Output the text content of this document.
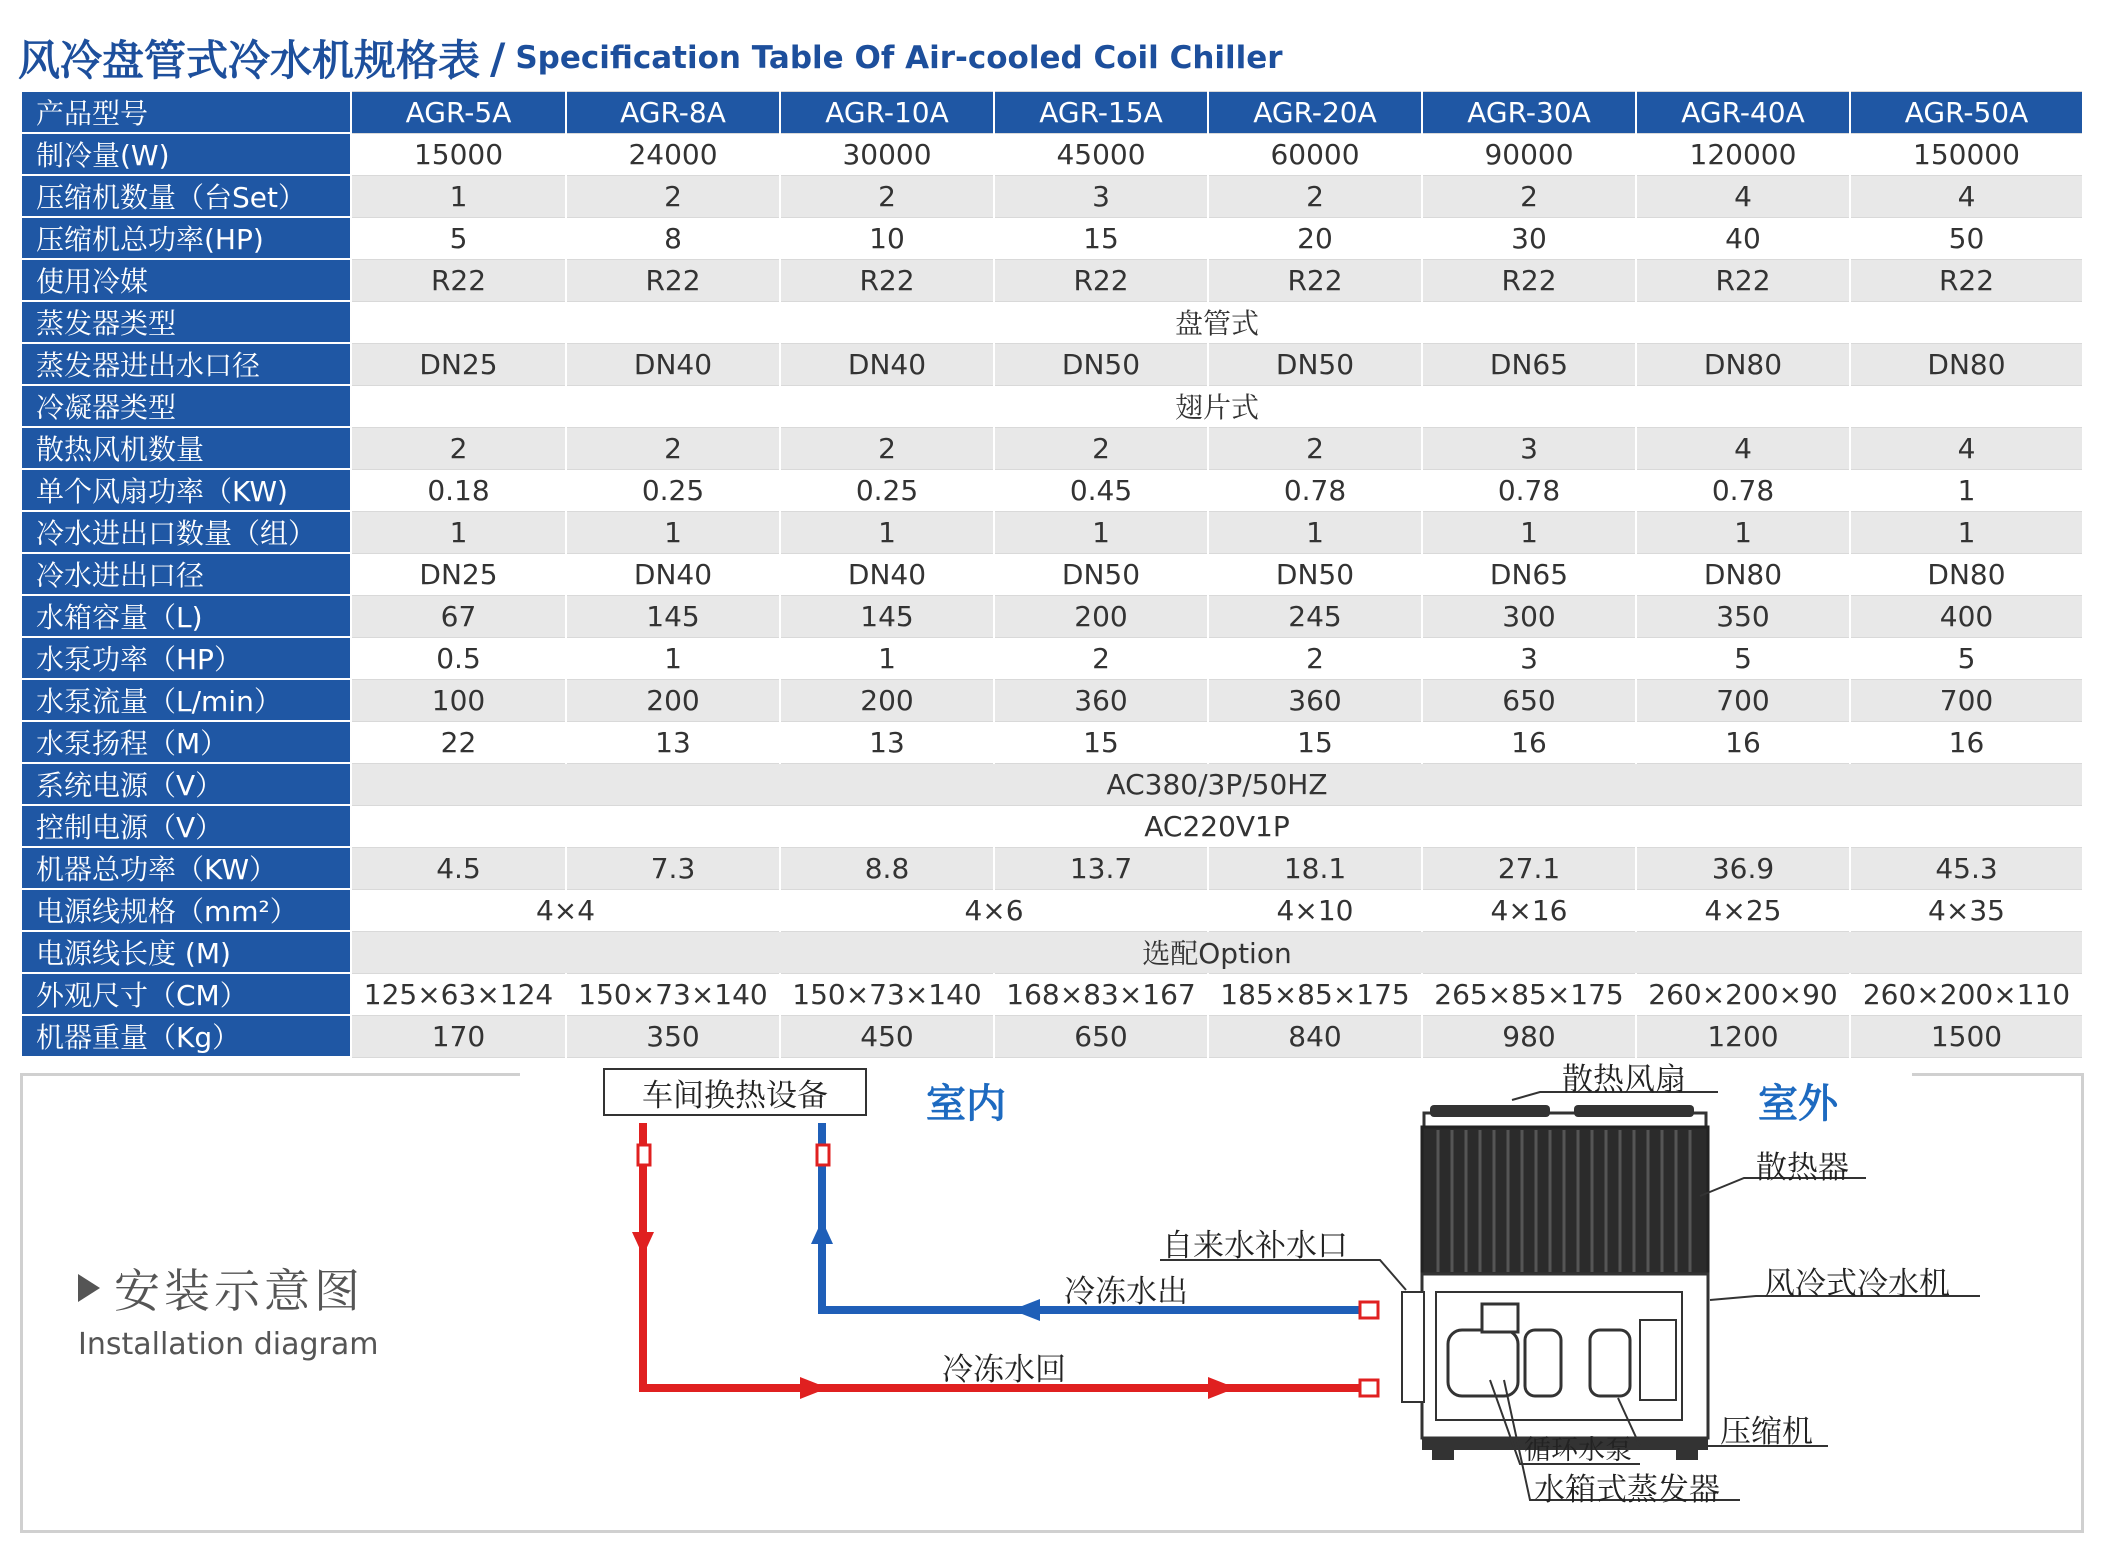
风冷盘管式冷水机规格表 / Specification Table Of Air-cooled Coil Chiller
产品型号	AGR-5A	AGR-8A	AGR-10A	AGR-15A	AGR-20A	AGR-30A	AGR-40A	AGR-50A
制冷量(W)	15000	24000	30000	45000	60000	90000	120000	150000
压缩机数量（台Set）	1	2	2	3	2	2	4	4
压缩机总功率(HP)	5	8	10	15	20	30	40	50
使用冷媒	R22	R22	R22	R22	R22	R22	R22	R22
蒸发器类型	盘管式							
蒸发器进出水口径	DN25	DN40	DN40	DN50	DN50	DN65	DN80	DN80
冷凝器类型	翅片式							
散热风机数量	2	2	2	2	2	3	4	4
单个风扇功率（KW)	0.18	0.25	0.25	0.45	0.78	0.78	0.78	1
冷水进出口数量（组）	1	1	1	1	1	1	1	1
冷水进出口径	DN25	DN40	DN40	DN50	DN50	DN65	DN80	DN80
水箱容量（L)	67	145	145	200	245	300	350	400
水泵功率（HP）	0.5	1	1	2	2	3	5	5
水泵流量（L/min）	100	200	200	360	360	650	700	700
水泵扬程（M）	22	13	13	15	15	16	16	16
系统电源（V）	AC380/3P/50HZ							
控制电源（V）	AC220V1P							
机器总功率（KW）	4.5	7.3	8.8	13.7	18.1	27.1	36.9	45.3
电源线规格（mm²）	4×4		4×6		4×10	4×16	4×25	4×35
电源线长度 (M)	选配Option							
外观尺寸（CM）	125×63×124	150×73×140	150×73×140	168×83×167	185×85×175	265×85×175	260×200×90	260×200×110
机器重量（Kg）	170	350	450	650	840	980	1200	1500
安装示意图
Installation diagram
车间换热设备	室内	室外
散热风扇
散热器
自来水补水口
冷冻水出
冷冻水回
风冷式冷水机
压缩机
循环水泵
水箱式蒸发器
